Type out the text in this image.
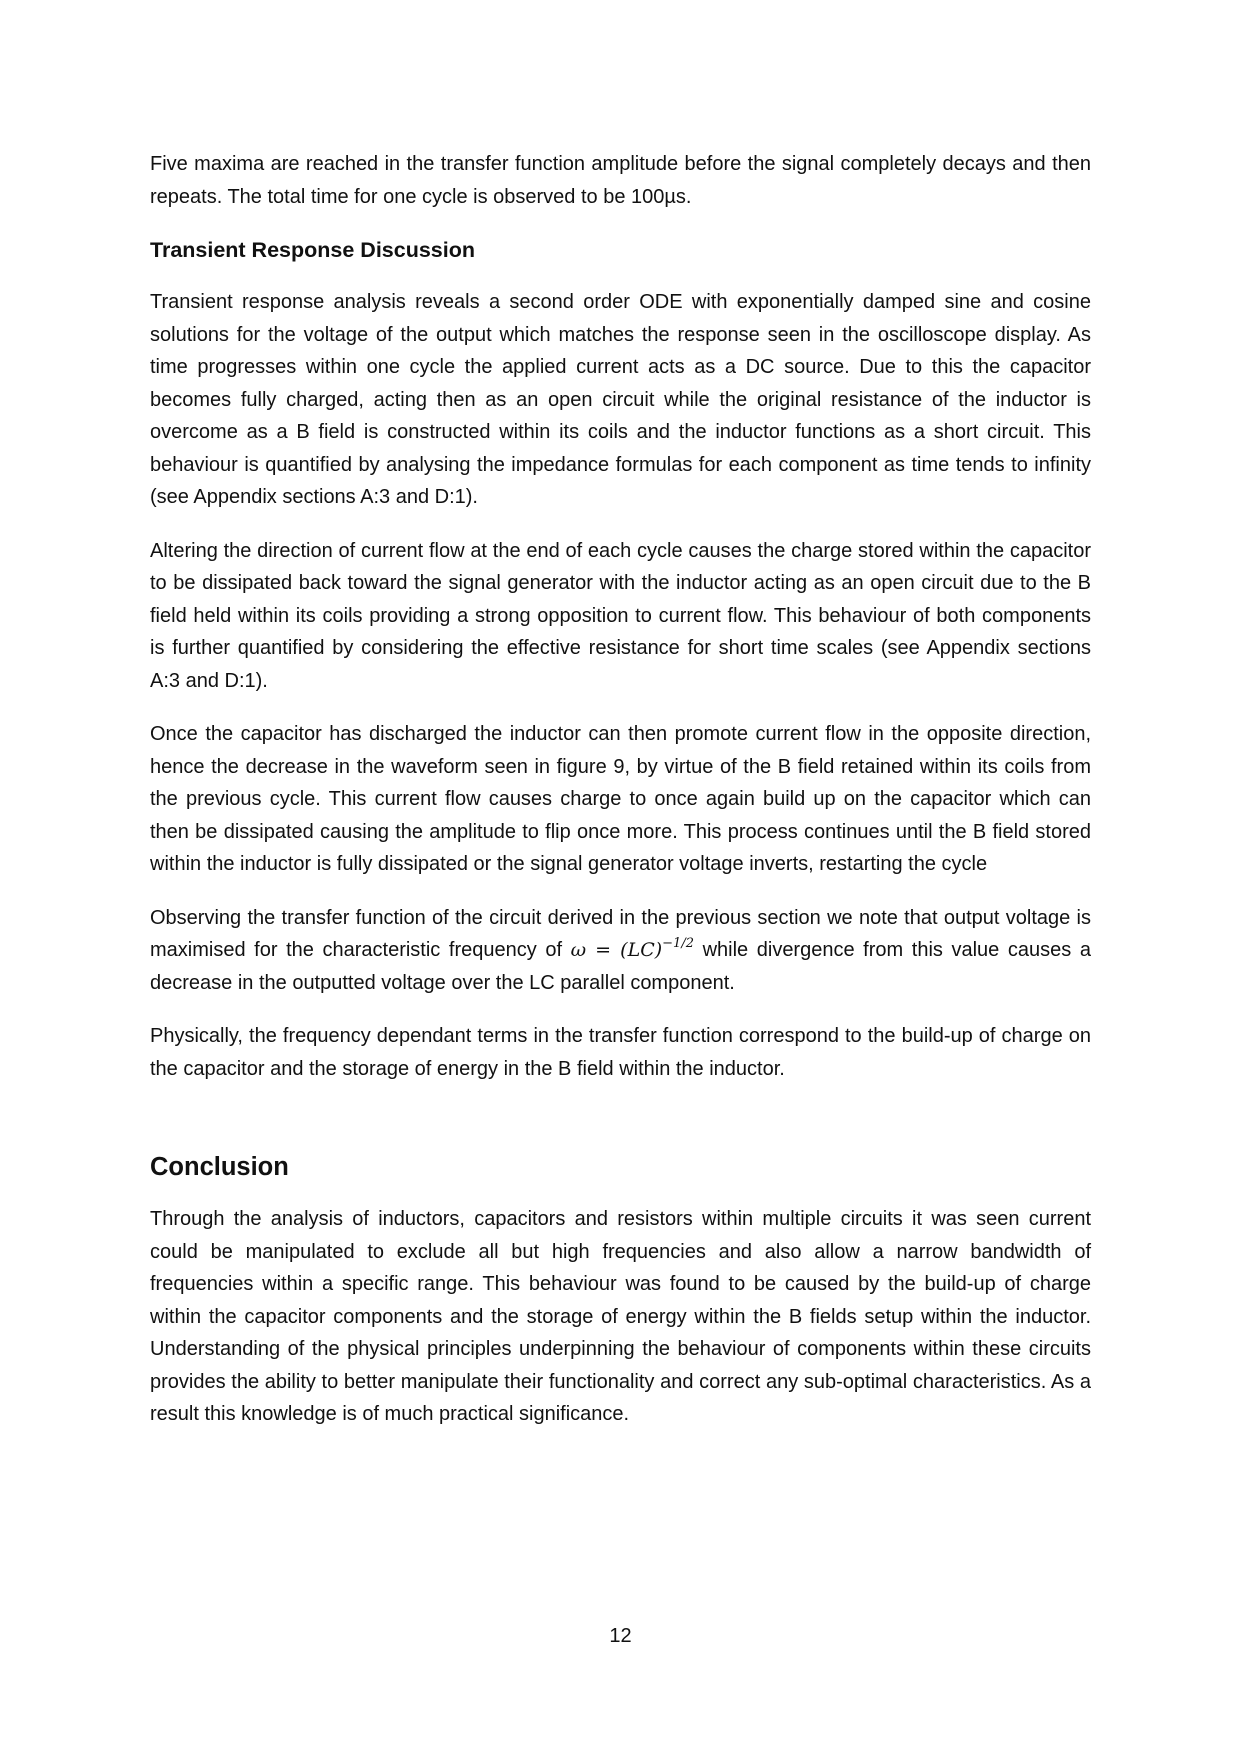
Five maxima are reached in the transfer function amplitude before the signal completely decays and then repeats. The total time for one cycle is observed to be 100µs.

Transient Response Discussion

Transient response analysis reveals a second order ODE with exponentially damped sine and cosine solutions for the voltage of the output which matches the response seen in the oscilloscope display. As time progresses within one cycle the applied current acts as a DC source. Due to this the capacitor becomes fully charged, acting then as an open circuit while the original resistance of the inductor is overcome as a B field is constructed within its coils and the inductor functions as a short circuit. This behaviour is quantified by analysing the impedance formulas for each component as time tends to infinity (see Appendix sections A:3 and D:1).

Altering the direction of current flow at the end of each cycle causes the charge stored within the capacitor to be dissipated back toward the signal generator with the inductor acting as an open circuit due to the B field held within its coils providing a strong opposition to current flow. This behaviour of both components is further quantified by considering the effective resistance for short time scales (see Appendix sections A:3 and D:1).

Once the capacitor has discharged the inductor can then promote current flow in the opposite direction, hence the decrease in the waveform seen in figure 9, by virtue of the B field retained within its coils from the previous cycle. This current flow causes charge to once again build up on the capacitor which can then be dissipated causing the amplitude to flip once more. This process continues until the B field stored within the inductor is fully dissipated or the signal generator voltage inverts, restarting the cycle

Observing the transfer function of the circuit derived in the previous section we note that output voltage is maximised for the characteristic frequency of ω = (LC)$^{-1/2}$ while divergence from this value causes a decrease in the outputted voltage over the LC parallel component.

Physically, the frequency dependant terms in the transfer function correspond to the build-up of charge on the capacitor and the storage of energy in the B field within the inductor.

Conclusion

Through the analysis of inductors, capacitors and resistors within multiple circuits it was seen current could be manipulated to exclude all but high frequencies and also allow a narrow bandwidth of frequencies within a specific range. This behaviour was found to be caused by the build-up of charge within the capacitor components and the storage of energy within the B fields setup within the inductor. Understanding of the physical principles underpinning the behaviour of components within these circuits provides the ability to better manipulate their functionality and correct any sub-optimal characteristics. As a result this knowledge is of much practical significance.

12
